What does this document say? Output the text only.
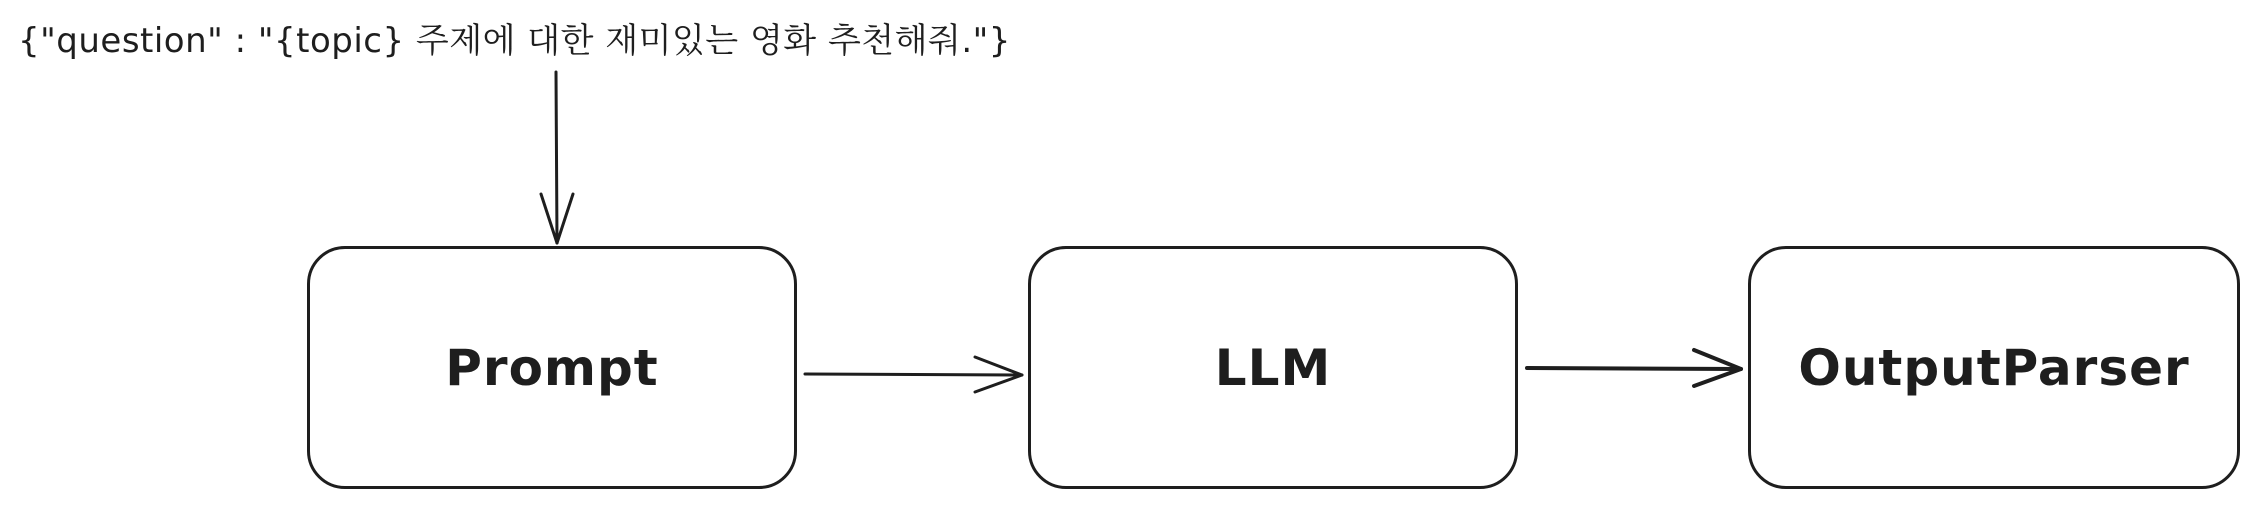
{"question" : "{topic} 주제에 대한 재미있는 영화 추천해줘."}
Prompt	LLM	OutputParser
